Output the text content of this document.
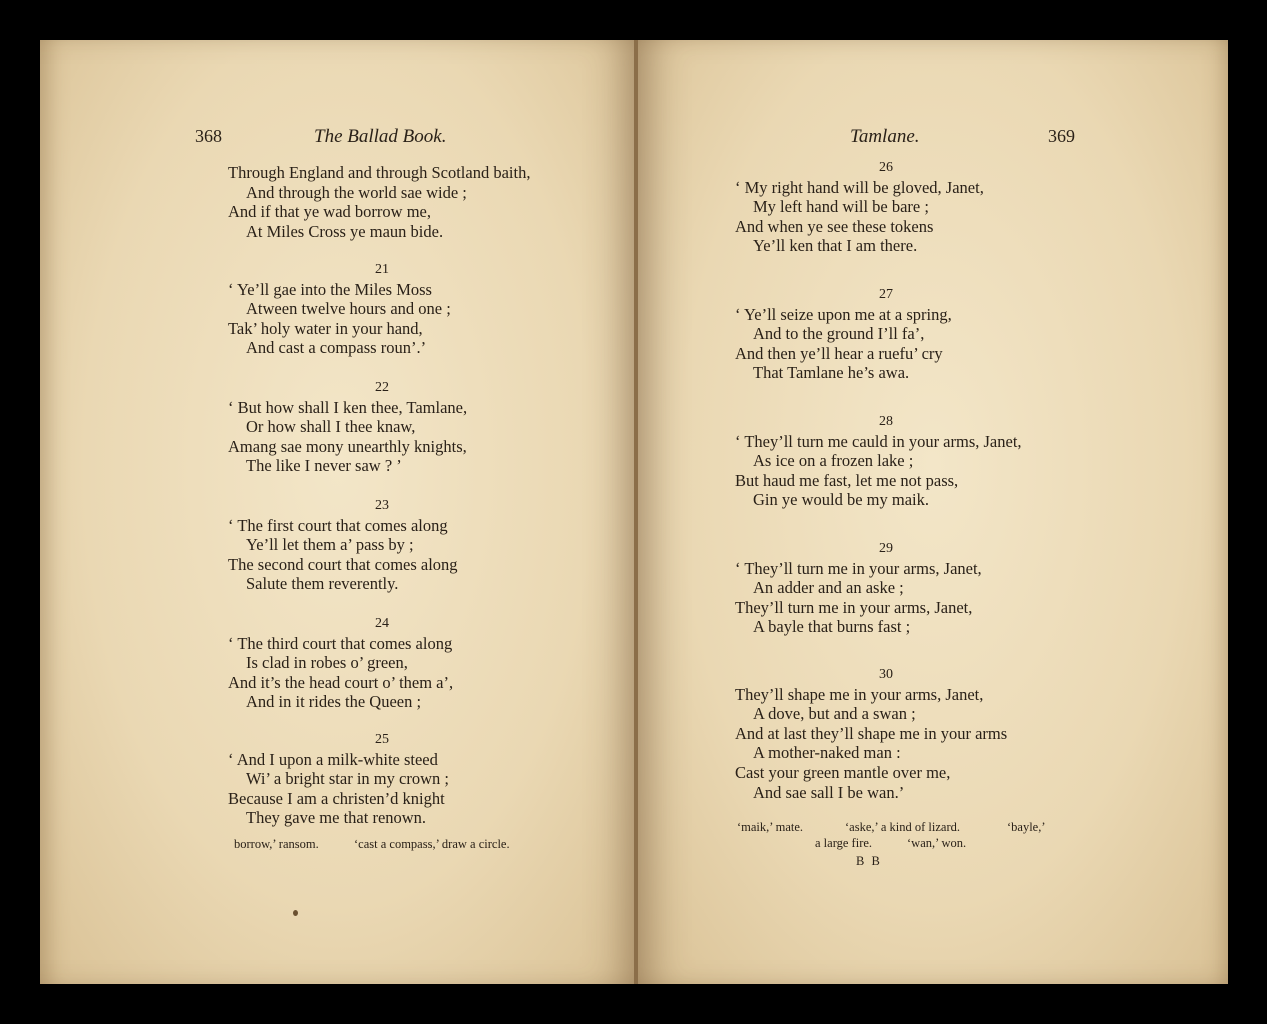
368	The Ballad Book.
Through England and through Scotland baith,
And through the world sae wide ;
And if that ye wad borrow me,
At Miles Cross ye maun bide.
21
‘ Ye’ll gae into the Miles Moss
Atween twelve hours and one ;
Tak’ holy water in your hand,
And cast a compass roun’.’
22
‘ But how shall I ken thee, Tamlane,
Or how shall I thee knaw,
Amang sae mony unearthly knights,
The like I never saw ? ’
23
‘ The first court that comes along
Ye’ll let them a’ pass by ;
The second court that comes along
Salute them reverently.
24
‘ The third court that comes along
Is clad in robes o’ green,
And it’s the head court o’ them a’,
And in it rides the Queen ;
25
‘ And I upon a milk-white steed
Wi’ a bright star in my crown ;
Because I am a christen’d knight
They gave me that renown.
borrow,’ ransom.	‘cast a compass,’ draw a circle.
Tamlane.	369
26
‘ My right hand will be gloved, Janet,
My left hand will be bare ;
And when ye see these tokens
Ye’ll ken that I am there.
27
‘ Ye’ll seize upon me at a spring,
And to the ground I’ll fa’,
And then ye’ll hear a ruefu’ cry
That Tamlane he’s awa.
28
‘ They’ll turn me cauld in your arms, Janet,
As ice on a frozen lake ;
But haud me fast, let me not pass,
Gin ye would be my maik.
29
‘ They’ll turn me in your arms, Janet,
An adder and an aske ;
They’ll turn me in your arms, Janet,
A bayle that burns fast ;
30
They’ll shape me in your arms, Janet,
A dove, but and a swan ;
And at last they’ll shape me in your arms
A mother-naked man :
Cast your green mantle over me,
And sae sall I be wan.’
‘maik,’ mate.	‘aske,’ a kind of lizard.	‘bayle,’
a large fire.	‘wan,’ won.
B B
